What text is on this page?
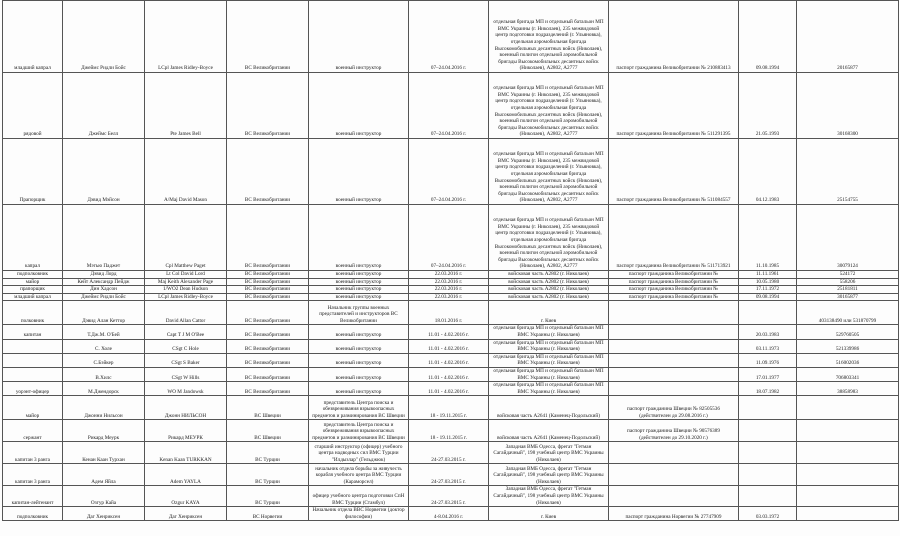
младший капрал	Джеймс Ридли Бойс	LCpl James Ridley-Boyce	ВС Великобритании	военный инструктор	07–24.04.2016 г.	отдельная бригада МП и отдельный батальон МП ВМС Украины (г. Николаев), 235 межвидовой центр подготовки подразделений (г. Ульяновка), отдельная аэромобильная бригада Высокомобильных десантных войск (Николаев), военный полигон отдельной аэромобильной бригады Высокомобильных десантных войск (Николаев), А2802, А2777	паспорт гражданина Великобритании № 210883413	09.08.1994	20165877
рядовой	Джеймс Белл	Pte James Bell	ВС Великобритании	военный инструктор	07–24.04.2016 г.	отдельная бригада МП и отдельный батальон МП ВМС Украины (г. Николаев), 235 межвидовой центр подготовки подразделений (г. Ульяновка), отдельная аэромобильная бригада Высокомобильных десантных войск (Николаев), военный полигон отдельной аэромобильной бригады Высокомобильных десантных войск (Николаев), А2802, А2777	паспорт гражданина Великобритании № 511291395	21.05.1993	30168300
Прапорщик	Дэвид Мэйсон	A/Maj David Mason	ВС Великобритании	военный инструктор	07–24.04.2016 г.	отдельная бригада МП и отдельный батальон МП ВМС Украины (г. Николаев), 235 межвидовой центр подготовки подразделений (г. Ульяновка), отдельная аэромобильная бригада Высокомобильных десантных войск (Николаев), военный полигон отдельной аэромобильной бригады Высокомобильных десантных войск (Николаев), А2802, А2777	паспорт гражданина Великобритании № 511084557	04.12.1983	25154755
капрал	Мэтью Паджет	Cpl Matthew Paget	ВС Великобритании	военный инструктор	07–24.04.2016 г.	отдельная бригада МП и отдельный батальон МП ВМС Украины (г. Николаев), 235 межвидовой центр подготовки подразделений (г. Ульяновка), отдельная аэромобильная бригада Высокомобильных десантных войск (Николаев), военный полигон отдельной аэромобильной бригады Высокомобильных десантных войск (Николаев), А2802, А2777	паспорт гражданина Великобритании № 511713921	11.10.1985	30079124
подполковник	Дэвид Лорд	Lt Col David Lord	ВС Великобритании	военный инструктор	22.03.2016 г.	войсковая часть А2802 (г. Николаев)	паспорт гражданина Великобритании №	11.11.1961	524172
майор	Кейт Александр Пейдж	Maj Keith Alexander Page	ВС Великобритании	военный инструктор	22.03.2016 г.	войсковая часть А2802 (г. Николаев)	паспорт гражданина Великобритании №	10.05.1980	558206
прапорщик	Дин Хадсон	1/WO2 Dean Hudson	ВС Великобритании	военный инструктор	22.03.2016 г.	войсковая часть А2802 (г. Николаев)	паспорт гражданина Великобритании №	17.11.1972	25181811
младший капрал	Джеймс Ридли Бойс	LCpl James Ridley-Boyce	ВС Великобритании	военный инструктор	22.03.2016 г.	войсковая часть А2802 (г. Николаев)	паспорт гражданина Великобритании №	09.08.1994	30165877
полковник	Дэвид Алан Кеттор	David Allan Cattor	ВС Великобритании	Начальник группы военных представителей и инструкторов ВС Великобритании	18.01.2016 г.	г. Киев			403138490 или 531870799
капитан	Т.Дж.М. О'Бей	Capt T J M O'Bee	ВС Великобритании	военный инструктор	11.01 - 4.02.2016 г.	отдельная бригада МП и отдельный батальон МП ВМС Украины (г. Николаев)		20.03.1983	529760505
	С. Холе	CSgt C Hole	ВС Великобритании	военный инструктор	11.01 - 4.02.2016 г.	отдельная бригада МП и отдельный батальон МП ВМС Украины (г. Николаев)		03.11.1973	521339986
	С.Бэйкер	CSgt S Baker	ВС Великобритании	военный инструктор	11.01 - 4.02.2016 г.	отдельная бригада МП и отдельный батальон МП ВМС Украины (г. Николаев)		11.09.1976	516002036
	В.Хилс	CSgt W Hills	ВС Великобритании	военный инструктор	11.01 - 4.02.2016 г.	отдельная бригада МП и отдельный батальон МП ВМС Украины (г. Николаев)		17.01.1977	706803341
уорэнт-офицер	М.Джендорск	WO M Jandowsk	ВС Великобритании	военный инструктор	11.01 - 4.02.2016 г.	отдельная бригада МП и отдельный батальон МП ВМС Украины (г. Николаев)		18.07.1982	38858983
майор	Джонни Нильсон	Джонн НИЛЬСОН	ВС Швеции	представитель Центра поиска и обезвреживания взрывоопасных предметов и разминирования ВС Швеции	18 - 19.11.2015 г.	войсковая часть А2641 (Каменец-Подольский)	паспорт гражданина Швеции № 82505536 (действителен до 29.08.2016 г.)		
сержант	Рикард Меурк	Рикард МЕУРК	ВС Швеции	представитель Центра поиска и обезвреживания взрывоопасных предметов и разминирования ВС Швеции	18 - 19.11.2015 г.	войсковая часть А2641 (Каменец-Подольский)	паспорт гражданина Швеции № 90576389 (действителен до 29.10.2020 г.)		
капитан 3 ранга	Кенан Каан Турхан	Kenan Kaan TURKKAN	ВС Турции	старший инструктор (офицер) учебного центра надводных сил ВМС Турции "Илдызлар" (Гельджюк)	24-27.03.2015 г.	Западная ВМБ Одесса, фрегат "Гетман Сагайдачный", 198 учебный центр ВМС Украины (Николаев)			
капитан 3 ранга	Адем Яйла	Adem YAYLA	ВС Турции	начальник отдела борьбы за живучесть корабля учебного центра ВМС Турции (Караморсел)	24-27.03.2015 г.	Западная ВМБ Одесса, фрегат "Гетман Сагайдачный", 198 учебный центр ВМС Украины (Николаев)			
капитан-лейтенант	Озгур Кайа	Ozgur KAYA	ВС Турции	офицер учебного центра подготовки СпН ВМС Турции (Стамбул)	24-27.03.2015 г.	Западная ВМБ Одесса, фрегат "Гетман Сагайдачный", 198 учебный центр ВМС Украины (Николаев)			
подполковник	Даг Хенриксен	Даг Хенриксен	ВС Норвегии	Начальник отдела ВВС Норвегии (доктор философии)	4-8.04.2016 г.	г. Киев	паспорт гражданина Норвегии № 27747909	03.03.1972	
